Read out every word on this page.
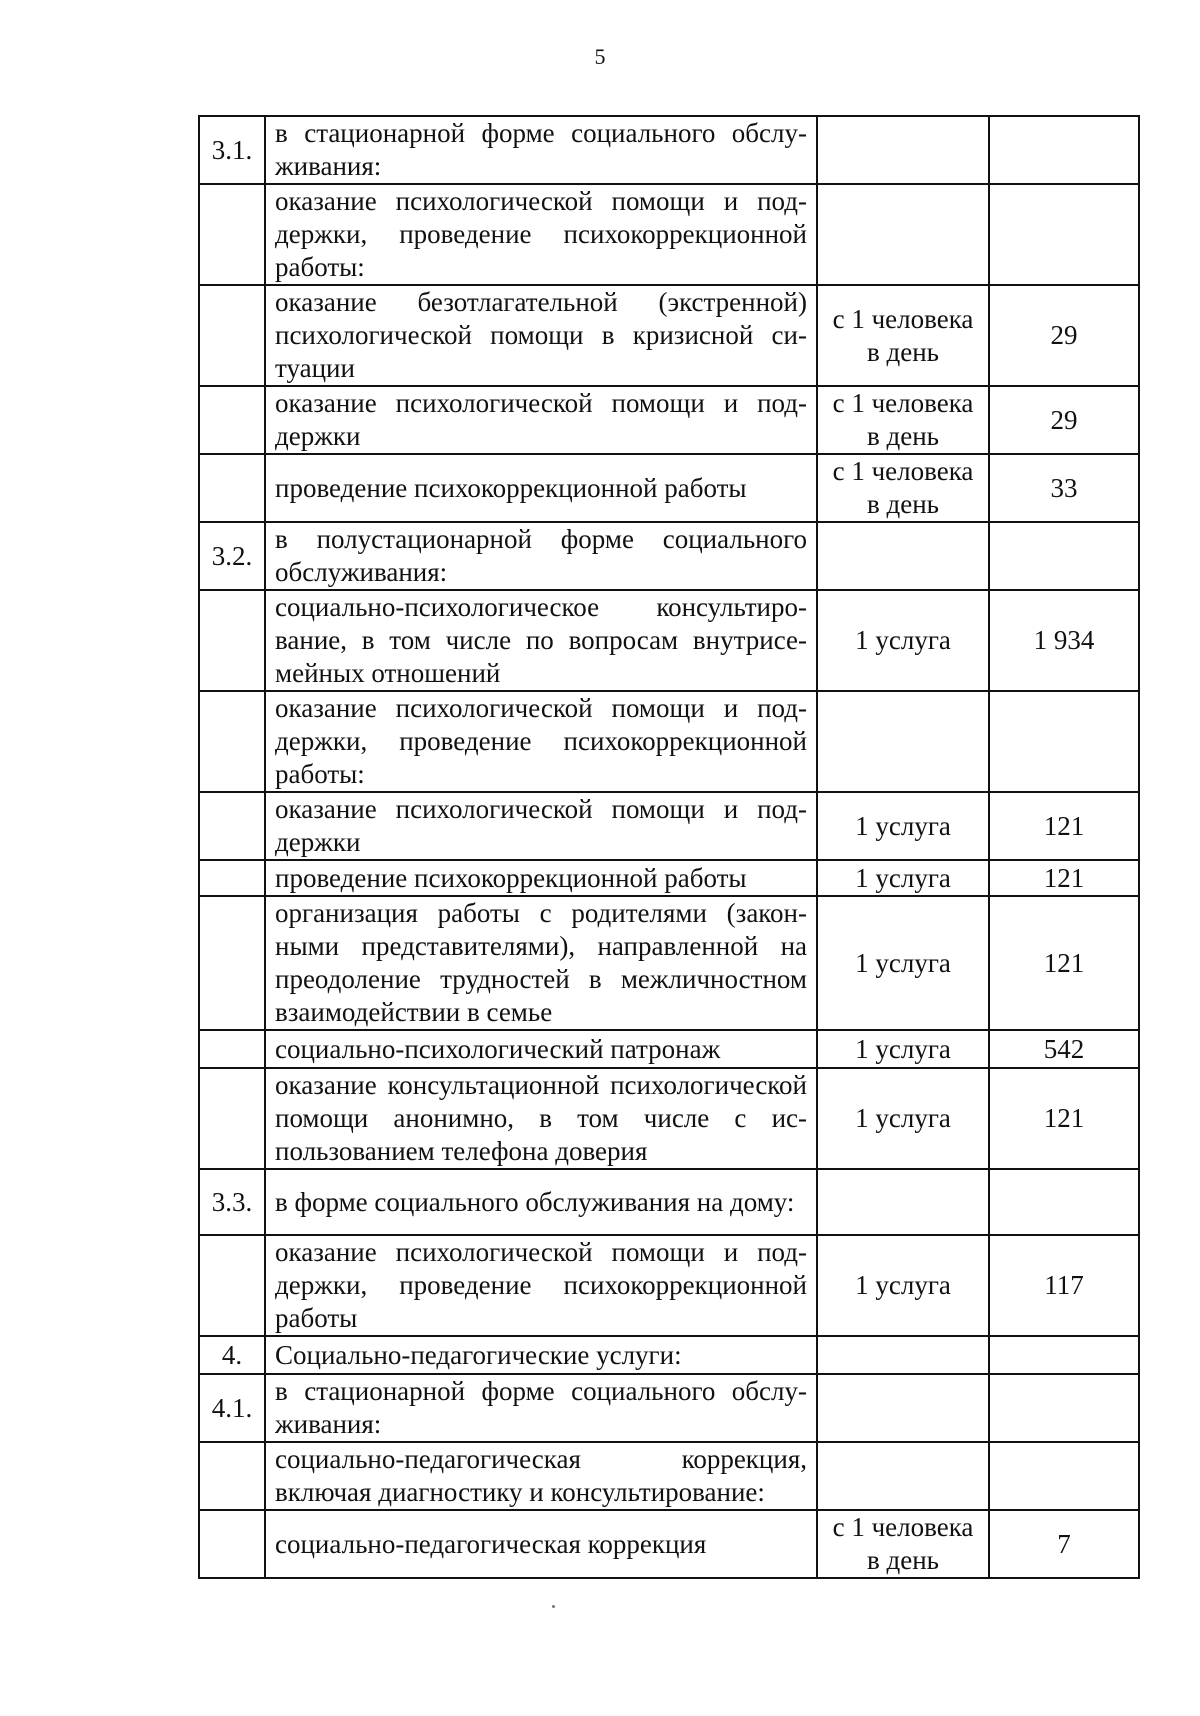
5
3.1.	в стационарной форме социального обслуживания:		
	оказание психологической помощи и поддержки, проведение психокоррекционной работы:		
	оказание безотлагательной (экстренной) психологической помощи в кризисной ситуации	с 1 человека в день	29
	оказание психологической помощи и поддержки	с 1 человека в день	29
	проведение психокоррекционной работы	с 1 человека в день	33
3.2.	в полустационарной форме социального обслуживания:		
	социально-психологическое консультирование, в том числе по вопросам внутрисемейных отношений	1 услуга	1 934
	оказание психологической помощи и поддержки, проведение психокоррекционной работы:		
	оказание психологической помощи и поддержки	1 услуга	121
	проведение психокоррекционной работы	1 услуга	121
	организация работы с родителями (законными представителями), направленной на преодоление трудностей в межличностном взаимодействии в семье	1 услуга	121
	социально-психологический патронаж	1 услуга	542
	оказание консультационной психологической помощи анонимно, в том числе с использованием телефона доверия	1 услуга	121
3.3.	в форме социального обслуживания на дому:		
	оказание психологической помощи и поддержки, проведение психокоррекционной работы	1 услуга	117
4.	Социально-педагогические услуги:		
4.1.	в стационарной форме социального обслуживания:		
	социально-педагогическая коррекция, включая диагностику и консультирование:		
	социально-педагогическая коррекция	с 1 человека в день	7
